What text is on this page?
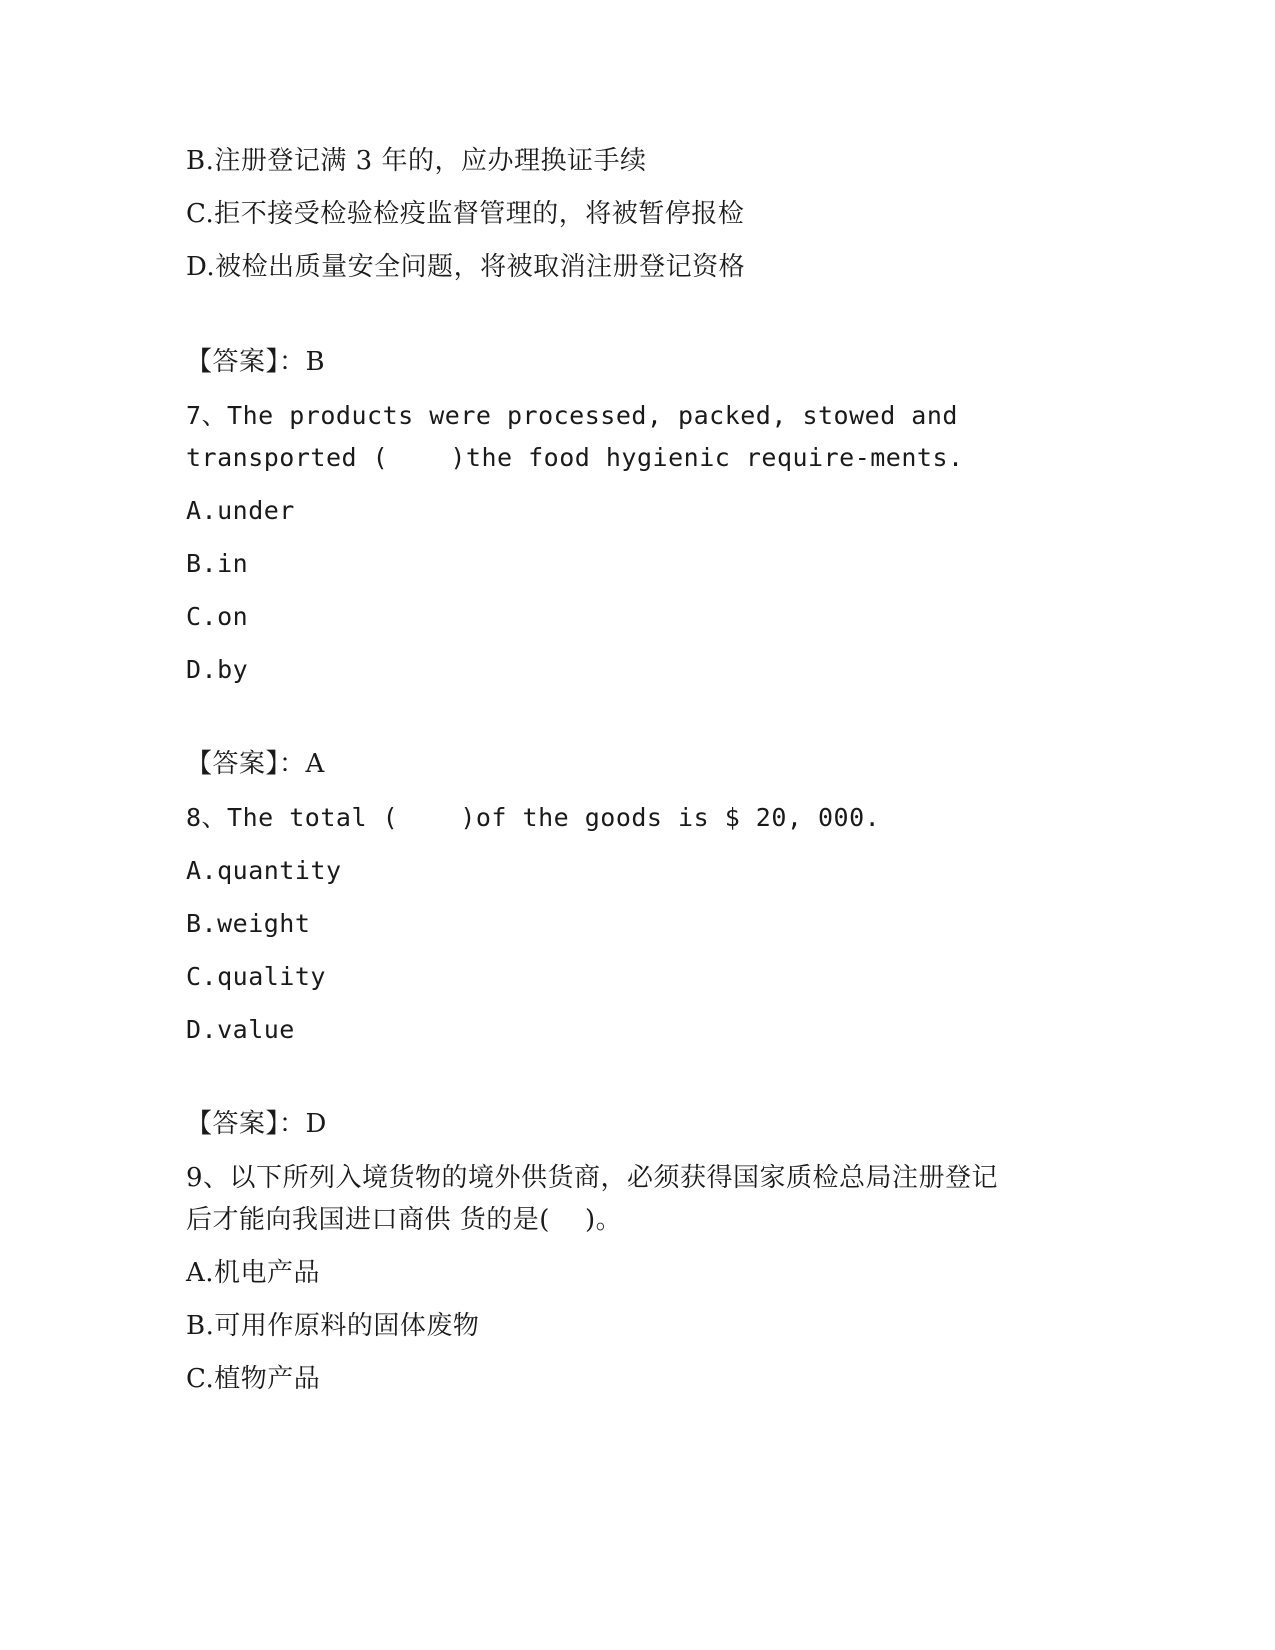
B.注册登记满 3 年的，应办理换证手续
C.拒不接受检验检疫监督管理的，将被暂停报检
D.被检出质量安全问题，将被取消注册登记资格
【答案】：B
7、The products were processed, packed, stowed and
transported (    )the food hygienic require-ments.
A.under
B.in
C.on
D.by
【答案】：A
8、The total (    )of the goods is $ 20, 000.
A.quantity
B.weight
C.quality
D.value
【答案】：D
9、以下所列入境货物的境外供货商，必须获得国家质检总局注册登记
后才能向我国进口商供 货的是(    )。
A.机电产品
B.可用作原料的固体废物
C.植物产品
